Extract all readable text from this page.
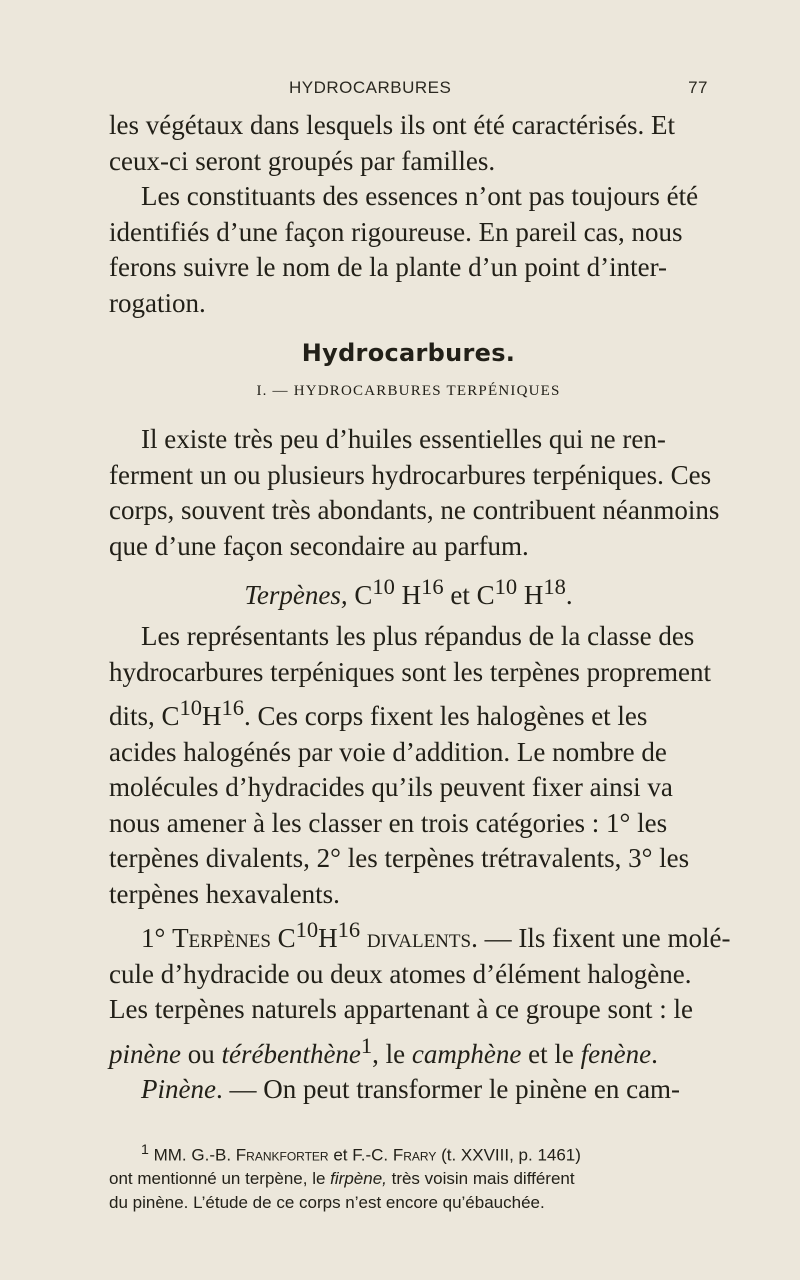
HYDROCARBURES	77

les végétaux dans lesquels ils ont été caractérisés. Et
ceux-ci seront groupés par familles.

Les constituants des essences n’ont pas toujours été
identifiés d’une façon rigoureuse. En pareil cas, nous
ferons suivre le nom de la plante d’un point d’inter-
rogation.

Hydrocarbures.
I. — HYDROCARBURES TERPÉNIQUES

Il existe très peu d’huiles essentielles qui ne ren-
ferment un ou plusieurs hydrocarbures terpéniques. Ces
corps, souvent très abondants, ne contribuent néanmoins
que d’une façon secondaire au parfum.

Terpènes, $C^{10}$ $H^{16}$ et $C^{10}$ $H^{18}$.

Les représentants les plus répandus de la classe des
hydrocarbures terpéniques sont les terpènes proprement
dits, $C^{10}H^{16}$. Ces corps fixent les halogènes et les
acides halogénés par voie d’addition. Le nombre de
molécules d’hydracides qu’ils peuvent fixer ainsi va
nous amener à les classer en trois catégories : 1° les
terpènes divalents, 2° les terpènes trétravalents, 3° les
terpènes hexavalents.

1° Terpènes $C^{10}H^{16}$ divalents. — Ils fixent une molé-
cule d’hydracide ou deux atomes d’élément halogène.
Les terpènes naturels appartenant à ce groupe sont : le
pinène ou térébenthène$^1$, le camphène et le fenène.

Pinène. — On peut transformer le pinène en cam-

$^1$ MM. G.-B. Frankforter et F.-C. Frary (t. XXVIII, p. 1461)
ont mentionné un terpène, le firpène, très voisin mais différent
du pinène. L’étude de ce corps n’est encore qu’ébauchée.
